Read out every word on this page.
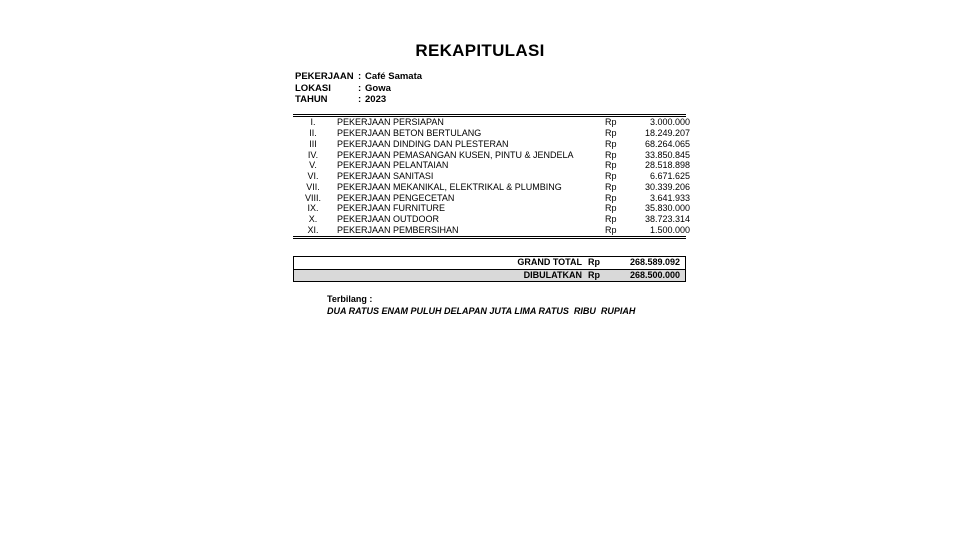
REKAPITULASI
PEKERJAAN : Café Samata
LOKASI	: Gowa
TAHUN	: 2023
I.	PEKERJAAN PERSIAPAN	Rp	3.000.000
II.	PEKERJAAN BETON BERTULANG	Rp	18.249.207
III	PEKERJAAN DINDING DAN PLESTERAN	Rp	68.264.065
IV.	PEKERJAAN PEMASANGAN KUSEN, PINTU & JENDELA	Rp	33.850.845
V.	PEKERJAAN PELANTAIAN	Rp	28.518.898
VI.	PEKERJAAN SANITASI	Rp	6.671.625
VII.	PEKERJAAN MEKANIKAL, ELEKTRIKAL & PLUMBING	Rp	30.339.206
VIII.	PEKERJAAN PENGECETAN	Rp	3.641.933
IX.	PEKERJAAN FURNITURE	Rp	35.830.000
X.	PEKERJAAN OUTDOOR	Rp	38.723.314
XI.	PEKERJAAN PEMBERSIHAN	Rp	1.500.000
GRAND TOTAL	Rp	268.589.092
DIBULATKAN	Rp	268.500.000
Terbilang :
DUA RATUS ENAM PULUH DELAPAN JUTA LIMA RATUS  RIBU  RUPIAH
